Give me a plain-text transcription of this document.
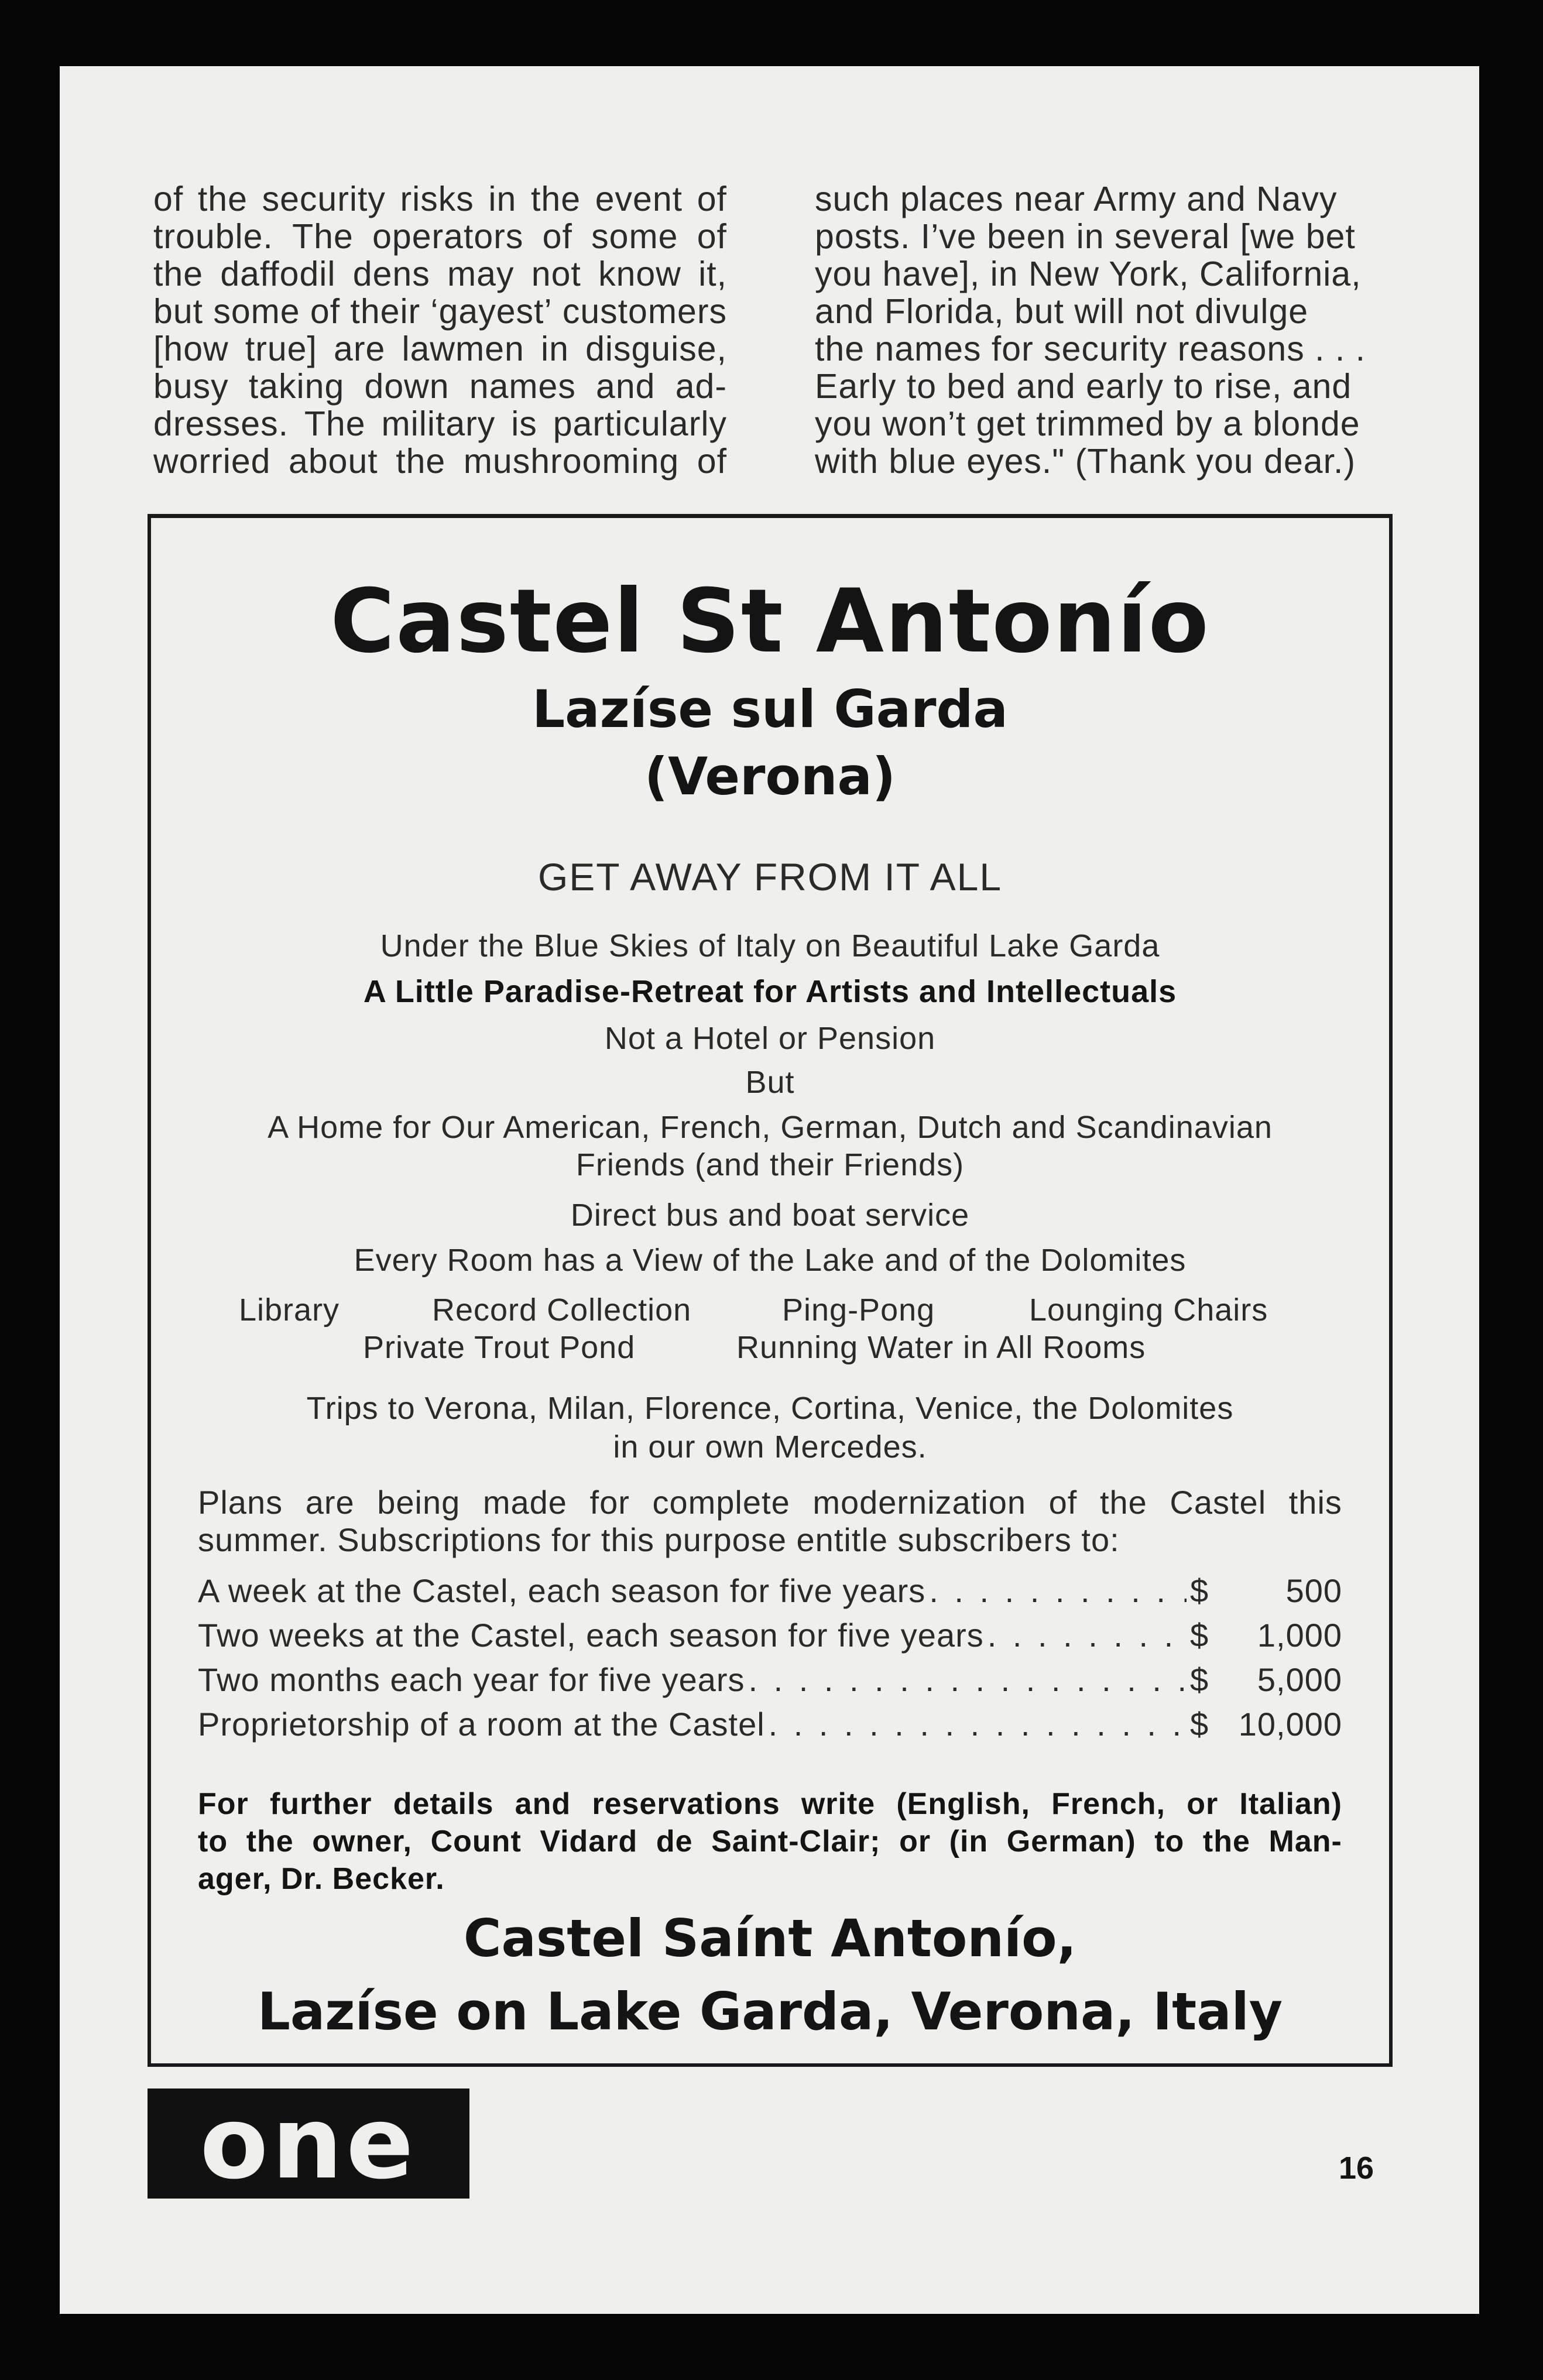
of the security risks in the event of
trouble. The operators of some of
the daffodil dens may not know it,
but some of their ‘gayest’ customers
[how true] are lawmen in disguise,
busy taking down names and ad-
dresses. The military is particularly
worried about the mushrooming of
such places near Army and Navy
posts. I’ve been in several [we bet
you have], in New York, California,
and Florida, but will not divulge
the names for security reasons . . .
Early to bed and early to rise, and
you won’t get trimmed by a blonde
with blue eyes." (Thank you dear.)
Castel St Antonío
Lazíse sul Garda
(Verona)
GET AWAY FROM IT ALL
Under the Blue Skies of Italy on Beautiful Lake Garda
A Little Paradise-Retreat for Artists and Intellectuals
Not a Hotel or Pension
But
A Home for Our American, French, German, Dutch and Scandinavian
Friends (and their Friends)
Direct bus and boat service
Every Room has a View of the Lake and of the Dolomites
Library	Record Collection	Ping-Pong	Lounging Chairs
Private Trout Pond	Running Water in All Rooms
Trips to Verona, Milan, Florence, Cortina, Venice, the Dolomites
in our own Mercedes.
Plans are being made for complete modernization of the Castel this
summer. Subscriptions for this purpose entitle subscribers to:
A week at the Castel, each season for five years . . .	$	500
Two weeks at the Castel, each season for five years . . .	$	1,000
Two months each year for five years . . .	$	5,000
Proprietorship of a room at the Castel . . .	$ 10,000
For further details and reservations write (English, French, or Italian)
to the owner, Count Vidard de Saint-Clair; or (in German) to the Man-
ager, Dr. Becker.
Castel Saínt Antonío,
Lazíse on Lake Garda, Verona, Italy
one	16
